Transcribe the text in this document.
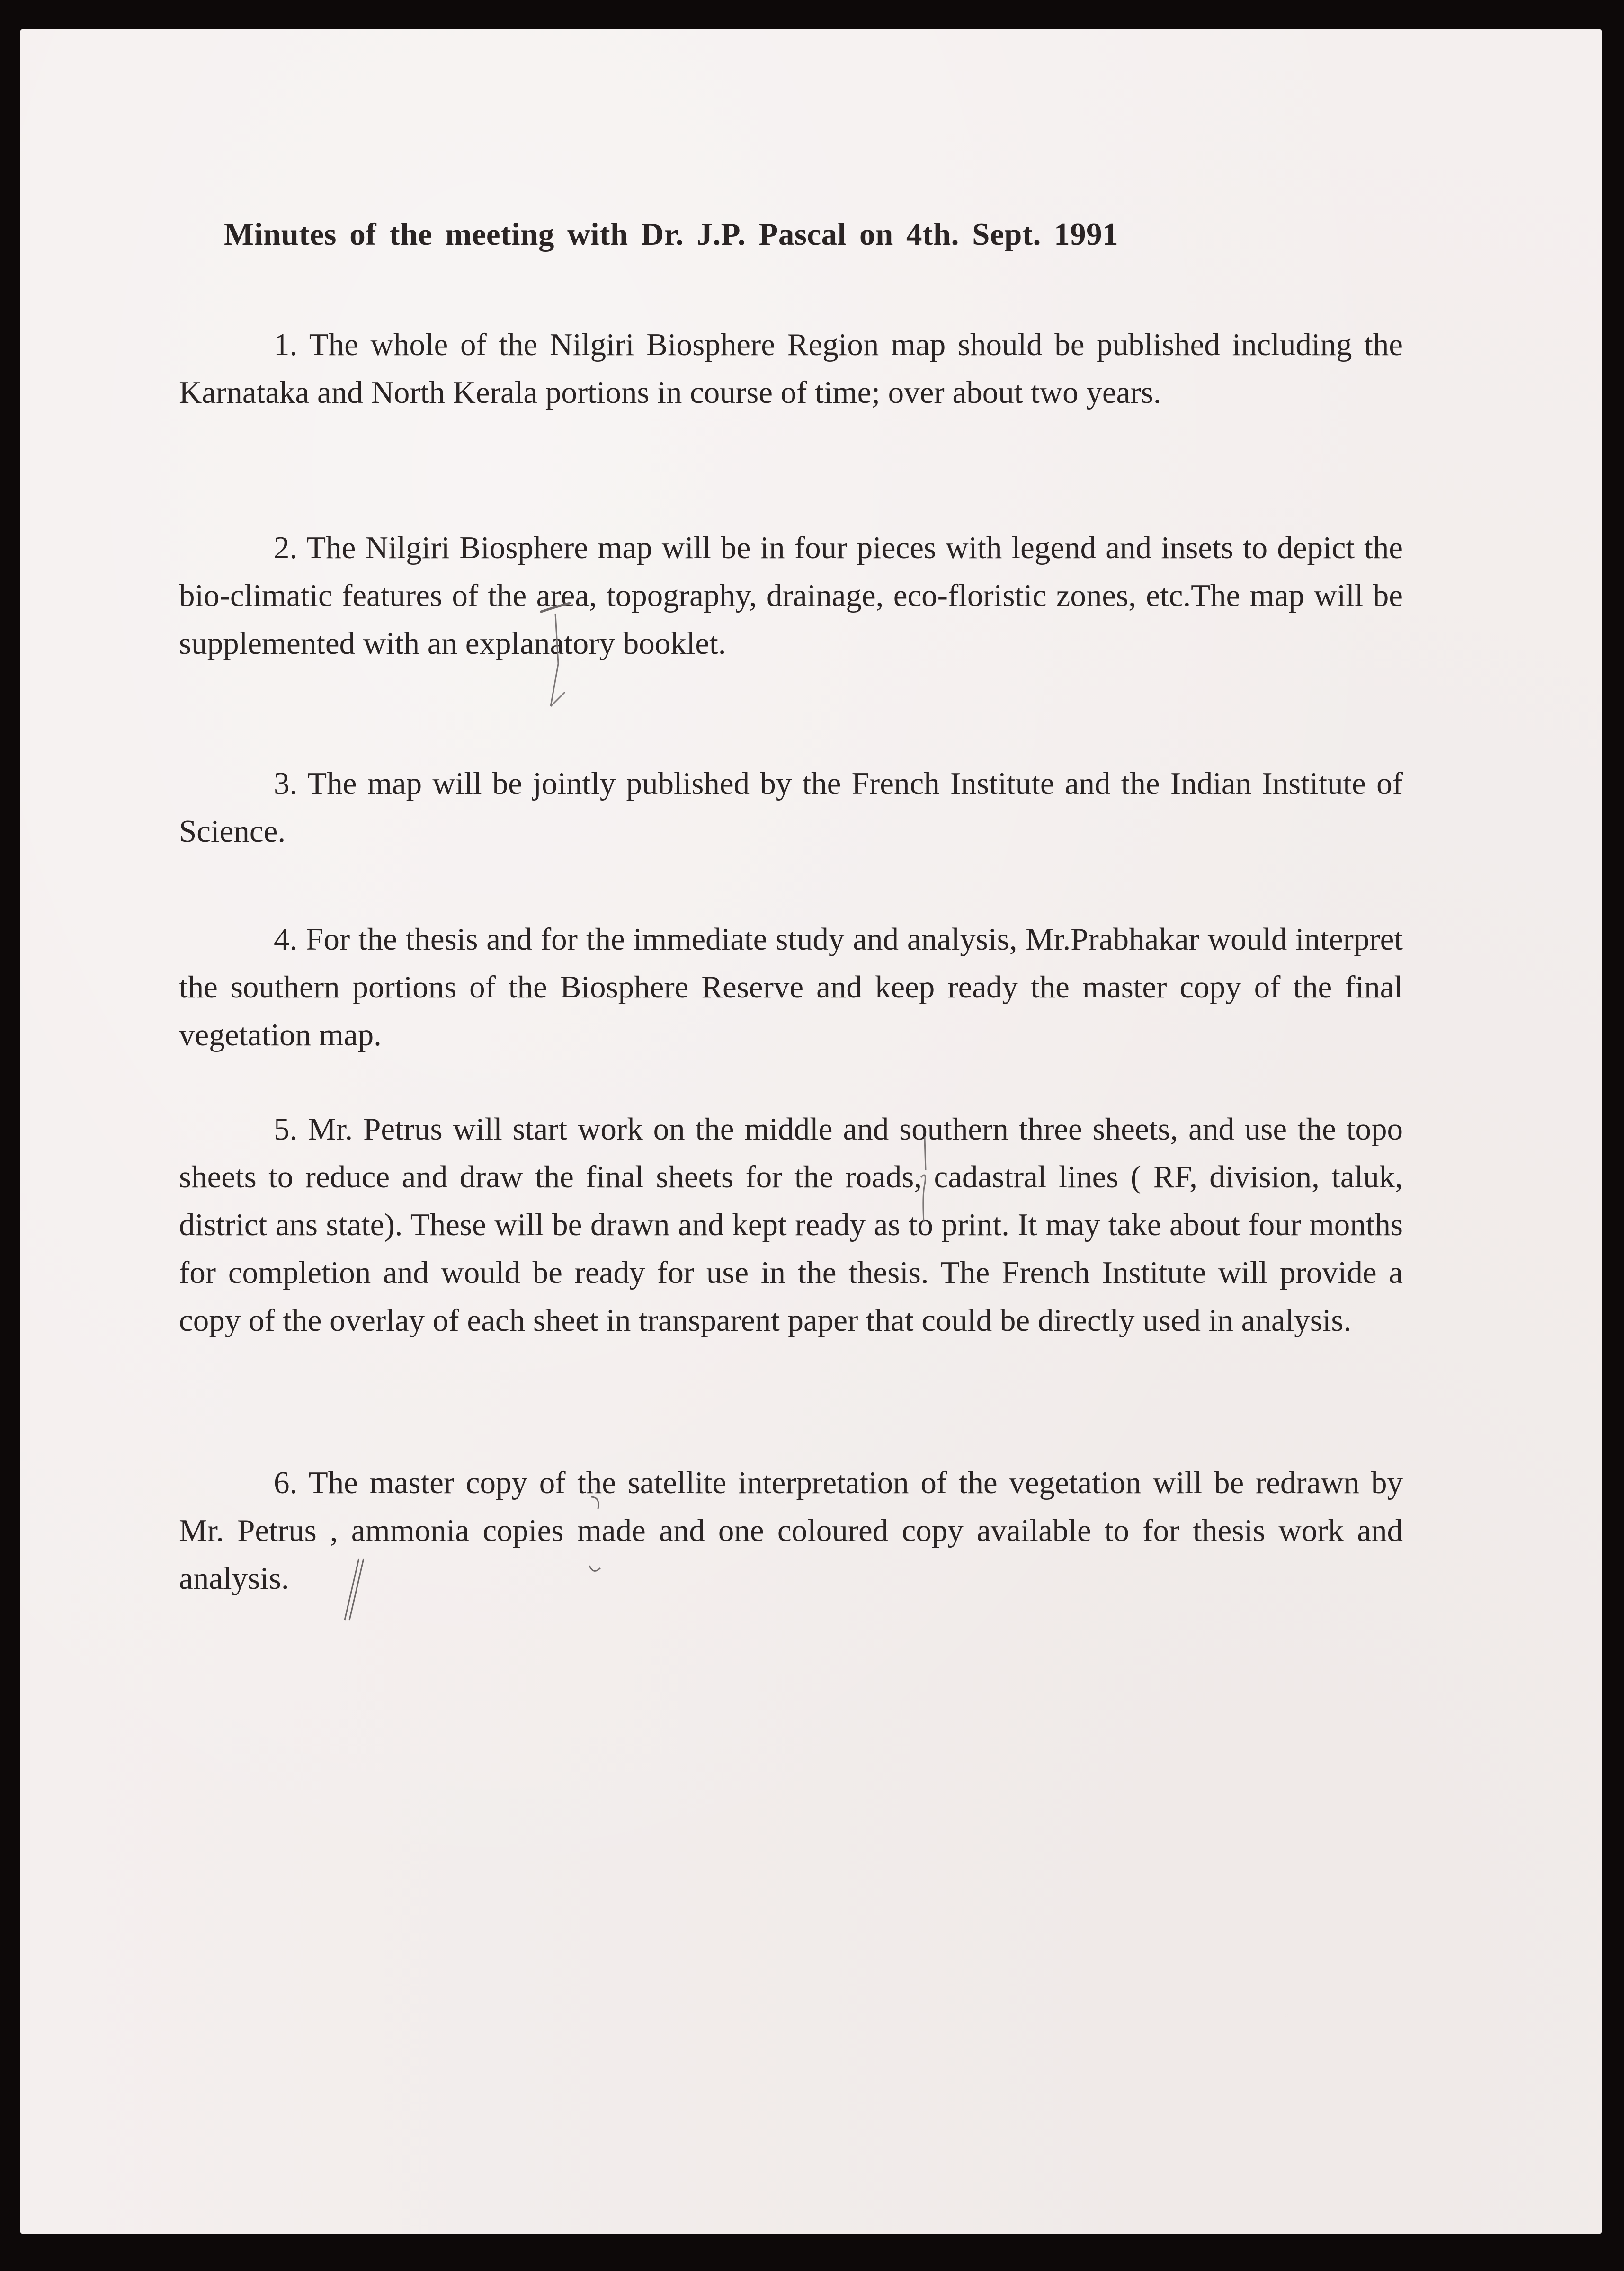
Minutes of the meeting with Dr. J.P. Pascal on 4th. Sept. 1991

1. The whole of the Nilgiri Biosphere Region map should be published including the Karnataka and North Kerala portions in course of time; over about two years.

2. The Nilgiri Biosphere map will be in four pieces with legend and insets to depict the bio-climatic features of the area, topography, drainage, eco-floristic zones, etc.The map will be supplemented with an explanatory booklet.

3. The map will be jointly published by the French Institute and the Indian Institute of Science.

4. For the thesis and for the immediate study and analysis, Mr.Prabhakar would interpret the southern portions of the Biosphere Reserve and keep ready the master copy of the final vegetation map.

5. Mr. Petrus will start work on the middle and southern three sheets, and use the topo sheets to reduce and draw the final sheets for the roads, cadastral lines ( RF, division, taluk, district ans state). These will be drawn and kept ready as to print. It may take about four months for completion and would be ready for use in the thesis. The French Institute will provide a copy of the overlay of each sheet in transparent paper that could be directly used in analysis.

6. The master copy of the satellite interpretation of the vegetation will be redrawn by Mr. Petrus , ammonia copies made and one coloured copy available to for thesis work and analysis.
